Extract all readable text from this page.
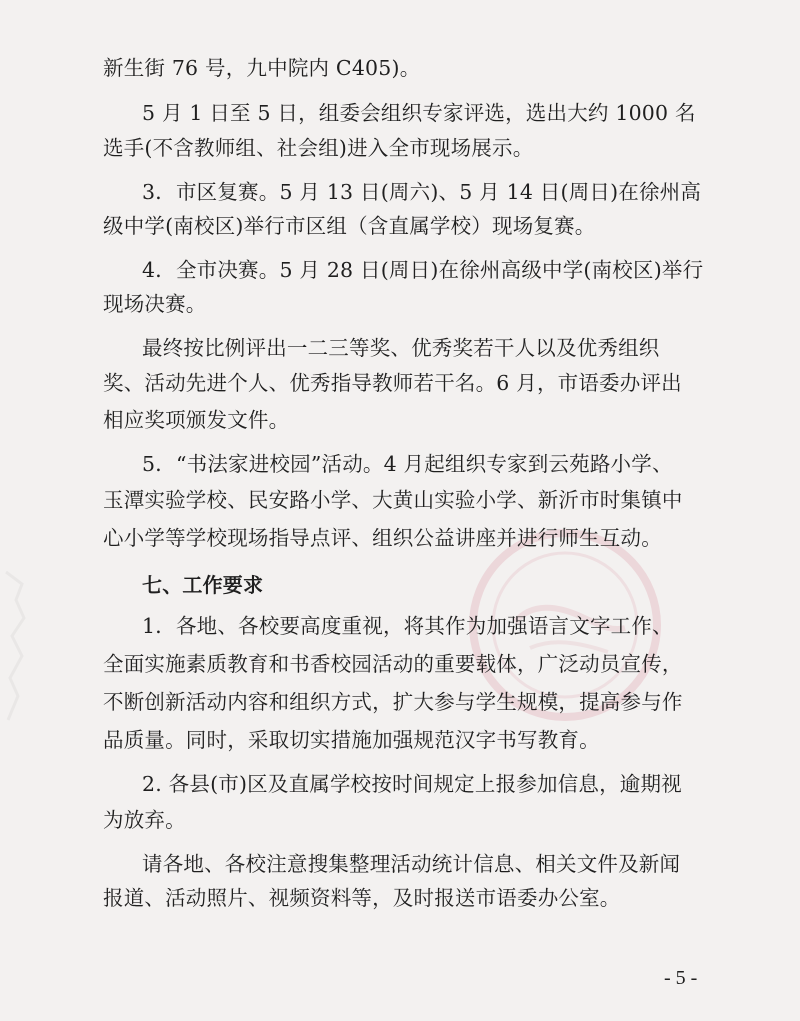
新生街 76 号，九中院内 C405)。
5 月 1 日至 5 日，组委会组织专家评选，选出大约 1000 名
选手(不含教师组、社会组)进入全市现场展示。
3．市区复赛。5 月 13 日(周六)、5 月 14 日(周日)在徐州高
级中学(南校区)举行市区组（含直属学校）现场复赛。
4．全市决赛。5 月 28 日(周日)在徐州高级中学(南校区)举行
现场决赛。
最终按比例评出一二三等奖、优秀奖若干人以及优秀组织
奖、活动先进个人、优秀指导教师若干名。6 月，市语委办评出
相应奖项颁发文件。
5．“书法家进校园”活动。4 月起组织专家到云苑路小学、
玉潭实验学校、民安路小学、大黄山实验小学、新沂市时集镇中
心小学等学校现场指导点评、组织公益讲座并进行师生互动。
七、工作要求
1．各地、各校要高度重视，将其作为加强语言文字工作、
全面实施素质教育和书香校园活动的重要载体，广泛动员宣传，
不断创新活动内容和组织方式，扩大参与学生规模，提高参与作
品质量。同时，采取切实措施加强规范汉字书写教育。
2. 各县(市)区及直属学校按时间规定上报参加信息，逾期视
为放弃。
请各地、各校注意搜集整理活动统计信息、相关文件及新闻
报道、活动照片、视频资料等，及时报送市语委办公室。
- 5 -
